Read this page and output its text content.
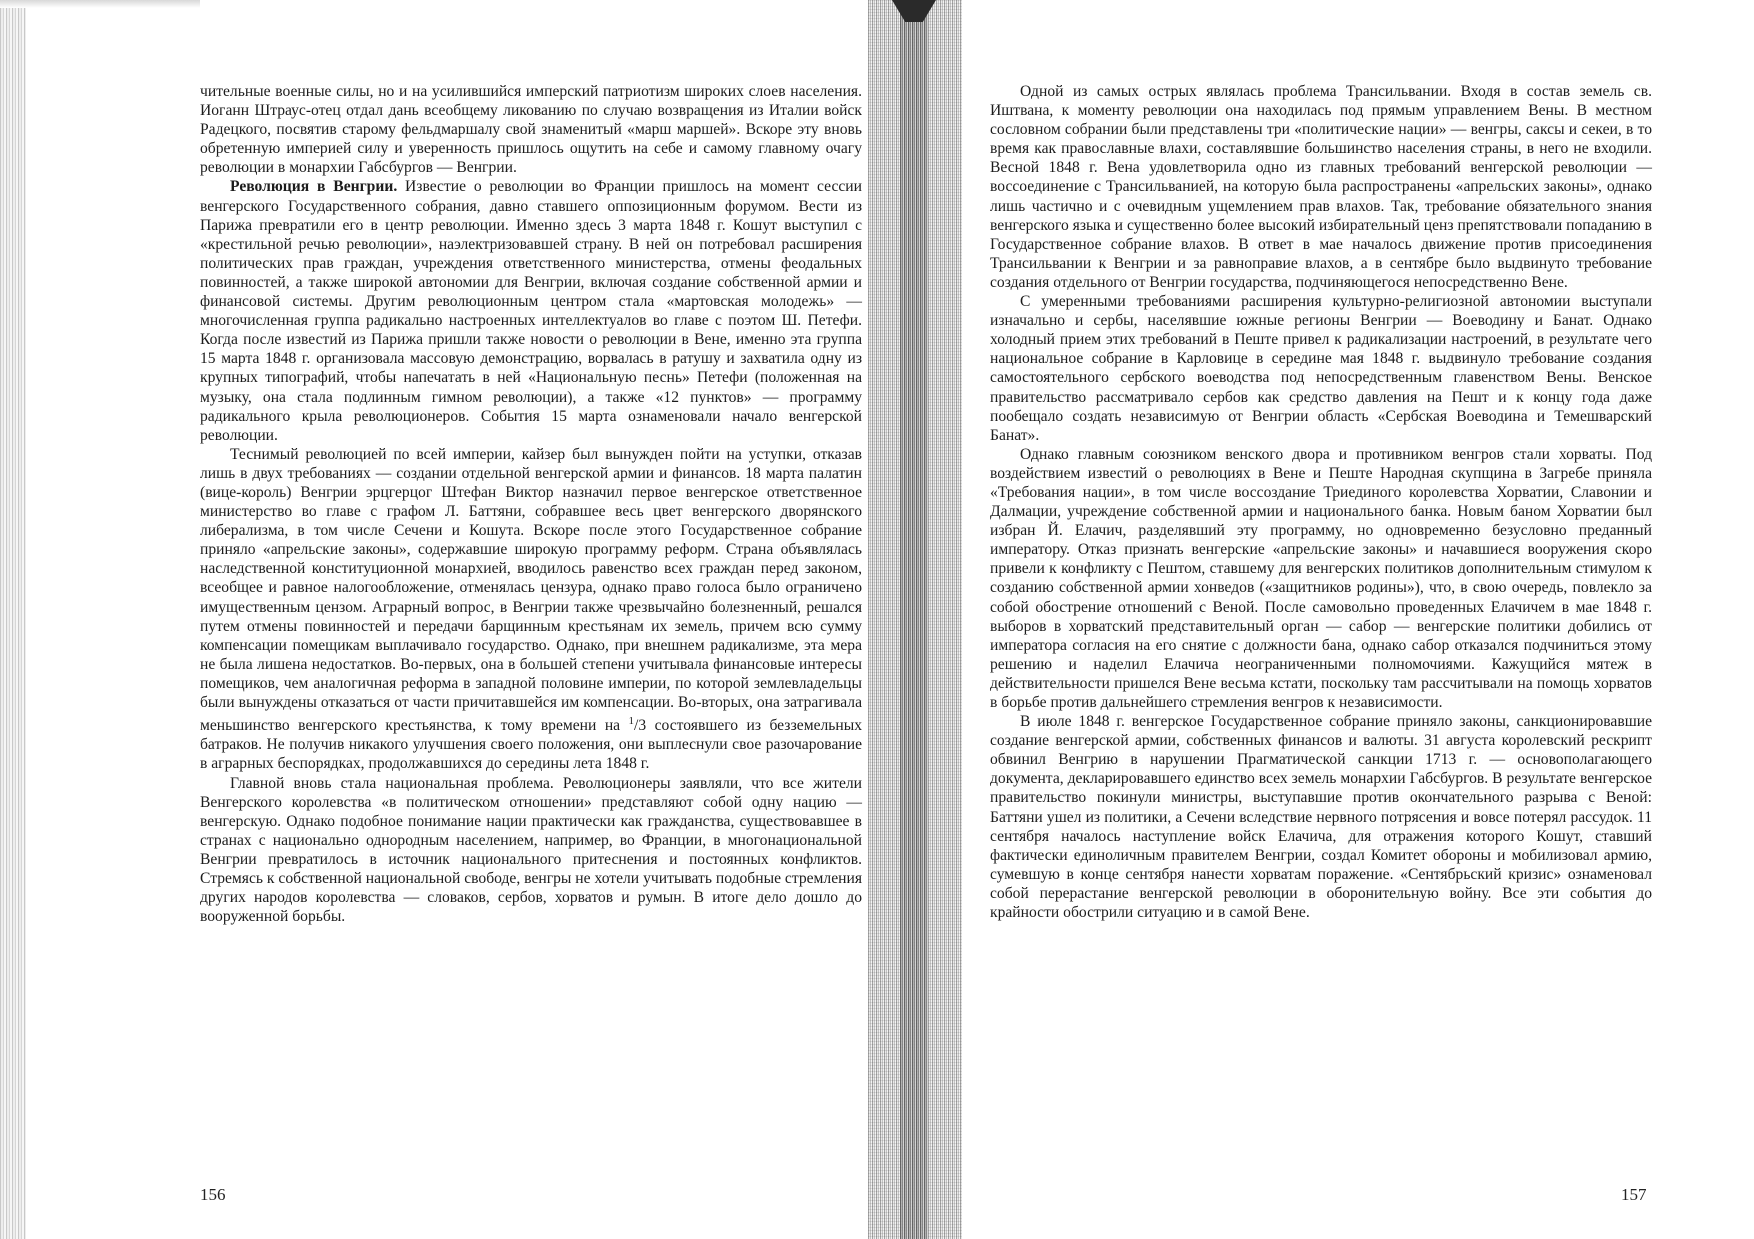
чительные военные силы, но и на усилившийся имперский патриотизм широких слоев населения. Иоганн Штраус-отец отдал дань всеобщему ликованию по случаю возвращения из Италии войск Радецкого, посвятив старому фельдмаршалу свой знаменитый «марш маршей». Вскоре эту вновь обретенную империей силу и уверенность пришлось ощутить на себе и самому главному очагу революции в монархии Габсбургов — Венгрии.

Революция в Венгрии. Известие о революции во Франции пришлось на момент сессии венгерского Государственного собрания, давно ставшего оппозиционным форумом. Вести из Парижа превратили его в центр революции. Именно здесь 3 марта 1848 г. Кошут выступил с «крестильной речью революции», наэлектризовавшей страну. В ней он потребовал расширения политических прав граждан, учреждения ответственного министерства, отмены феодальных повинностей, а также широкой автономии для Венгрии, включая создание собственной армии и финансовой системы. Другим революционным центром стала «мартовская молодежь» — многочисленная группа радикально настроенных интеллектуалов во главе с поэтом Ш. Петефи. Когда после известий из Парижа пришли также новости о революции в Вене, именно эта группа 15 марта 1848 г. организовала массовую демонстрацию, ворвалась в ратушу и захватила одну из крупных типографий, чтобы напечатать в ней «Национальную песнь» Петефи (положенная на музыку, она стала подлинным гимном революции), а также «12 пунктов» — программу радикального крыла революционеров. События 15 марта ознаменовали начало венгерской революции.

Теснимый революцией по всей империи, кайзер был вынужден пойти на уступки, отказав лишь в двух требованиях — создании отдельной венгерской армии и финансов. 18 марта палатин (вице-король) Венгрии эрцгерцог Штефан Виктор назначил первое венгерское ответственное министерство во главе с графом Л. Баттяни, собравшее весь цвет венгерского дворянского либерализма, в том числе Сечени и Кошута. Вскоре после этого Государственное собрание приняло «апрельские законы», содержавшие широкую программу реформ. Страна объявлялась наследственной конституционной монархией, вводилось равенство всех граждан перед законом, всеобщее и равное налогообложение, отменялась цензура, однако право голоса было ограничено имущественным цензом. Аграрный вопрос, в Венгрии также чрезвычайно болезненный, решался путем отмены повинностей и передачи барщинным крестьянам их земель, причем всю сумму компенсации помещикам выплачивало государство. Однако, при внешнем радикализме, эта мера не была лишена недостатков. Во-первых, она в большей степени учитывала финансовые интересы помещиков, чем аналогичная реформа в западной половине империи, по которой землевладельцы были вынуждены отказаться от части причитавшейся им компенсации. Во-вторых, она затрагивала меньшинство венгерского крестьянства, к тому времени на $^1$/3 состоявшего из безземельных батраков. Не получив никакого улучшения своего положения, они выплеснули свое разочарование в аграрных беспорядках, продолжавшихся до середины лета 1848 г.

Главной вновь стала национальная проблема. Революционеры заявляли, что все жители Венгерского королевства «в политическом отношении» представляют собой одну нацию — венгерскую. Однако подобное понимание нации практически как гражданства, существовавшее в странах с национально однородным населением, например, во Франции, в многонациональной Венгрии превратилось в источник национального притеснения и постоянных конфликтов. Стремясь к собственной национальной свободе, венгры не хотели учитывать подобные стремления других народов королевства — словаков, сербов, хорватов и румын. В итоге дело дошло до вооруженной борьбы.

156

Одной из самых острых являлась проблема Трансильвании. Входя в состав земель св. Иштвана, к моменту революции она находилась под прямым управлением Вены. В местном сословном собрании были представлены три «политические нации» — венгры, саксы и секеи, в то время как православные влахи, составлявшие большинство населения страны, в него не входили. Весной 1848 г. Вена удовлетворила одно из главных требований венгерской революции — воссоединение с Трансильванией, на которую была распространены «апрельских законы», однако лишь частично и с очевидным ущемлением прав влахов. Так, требование обязательного знания венгерского языка и существенно более высокий избирательный ценз препятствовали попаданию в Государственное собрание влахов. В ответ в мае началось движение против присоединения Трансильвании к Венгрии и за равноправие влахов, а в сентябре было выдвинуто требование создания отдельного от Венгрии государства, подчиняющегося непосредственно Вене.

С умеренными требованиями расширения культурно-религиозной автономии выступали изначально и сербы, населявшие южные регионы Венгрии — Воеводину и Банат. Однако холодный прием этих требований в Пеште привел к радикализации настроений, в результате чего национальное собрание в Карловице в середине мая 1848 г. выдвинуло требование создания самостоятельного сербского воеводства под непосредственным главенством Вены. Венское правительство рассматривало сербов как средство давления на Пешт и к концу года даже пообещало создать независимую от Венгрии область «Сербская Воеводина и Темешварский Банат».

Однако главным союзником венского двора и противником венгров стали хорваты. Под воздействием известий о революциях в Вене и Пеште Народная скупщина в Загребе приняла «Требования нации», в том числе воссоздание Триединого королевства Хорватии, Славонии и Далмации, учреждение собственной армии и национального банка. Новым баном Хорватии был избран Й. Елачич, разделявший эту программу, но одновременно безусловно преданный императору. Отказ признать венгерские «апрельские законы» и начавшиеся вооружения скоро привели к конфликту с Пештом, ставшему для венгерских политиков дополнительным стимулом к созданию собственной армии хонведов («защитников родины»), что, в свою очередь, повлекло за собой обострение отношений с Веной. После самовольно проведенных Елачичем в мае 1848 г. выборов в хорватский представительный орган — сабор — венгерские политики добились от императора согласия на его снятие с должности бана, однако сабор отказался подчиниться этому решению и наделил Елачича неограниченными полномочиями. Кажущийся мятеж в действительности пришелся Вене весьма кстати, поскольку там рассчитывали на помощь хорватов в борьбе против дальнейшего стремления венгров к независимости.

В июле 1848 г. венгерское Государственное собрание приняло законы, санкционировавшие создание венгерской армии, собственных финансов и валюты. 31 августа королевский рескрипт обвинил Венгрию в нарушении Прагматической санкции 1713 г. — основополагающего документа, декларировавшего единство всех земель монархии Габсбургов. В результате венгерское правительство покинули министры, выступавшие против окончательного разрыва с Веной: Баттяни ушел из политики, а Сечени вследствие нервного потрясения и вовсе потерял рассудок. 11 сентября началось наступление войск Елачича, для отражения которого Кошут, ставший фактически единоличным правителем Венгрии, создал Комитет обороны и мобилизовал армию, сумевшую в конце сентября нанести хорватам поражение. «Сентябрьский кризис» ознаменовал собой перерастание венгерской революции в оборонительную войну. Все эти события до крайности обострили ситуацию и в самой Вене.

157
